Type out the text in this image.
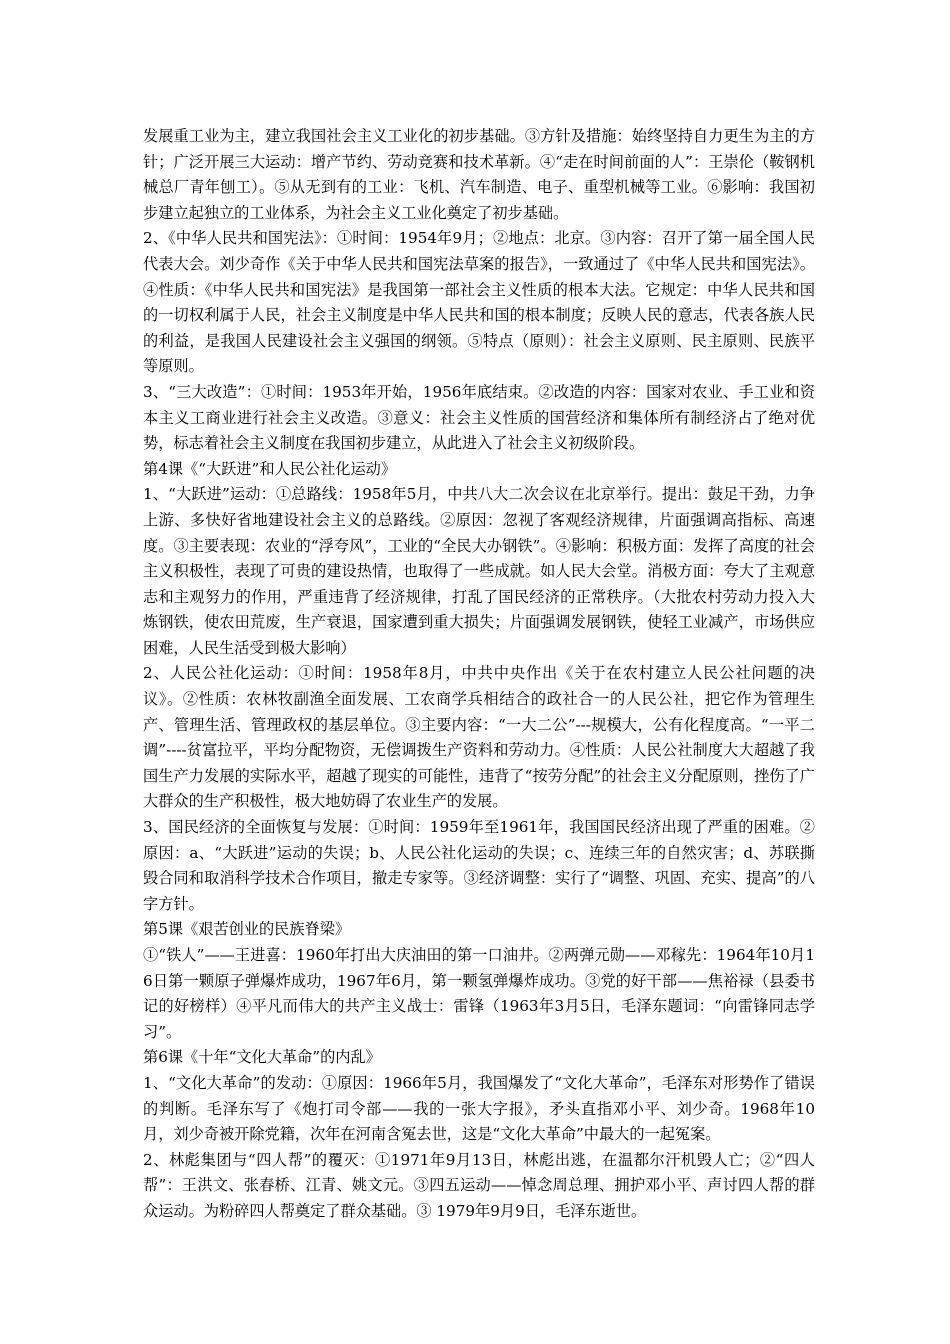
发展重工业为主，建立我国社会主义工业化的初步基础。③方针及措施：始终坚持自力更生为主的方针；广泛开展三大运动：增产节约、劳动竞赛和技术革新。④“走在时间前面的人”：王崇伦（鞍钢机械总厂青年刨工）。⑤从无到有的工业：飞机、汽车制造、电子、重型机械等工业。⑥影响：我国初步建立起独立的工业体系，为社会主义工业化奠定了初步基础。

2、《中华人民共和国宪法》：①时间：1954年9月；②地点：北京。③内容：召开了第一届全国人民代表大会。刘少奇作《关于中华人民共和国宪法草案的报告》，一致通过了《中华人民共和国宪法》。④性质：《中华人民共和国宪法》是我国第一部社会主义性质的根本大法。它规定：中华人民共和国的一切权利属于人民，社会主义制度是中华人民共和国的根本制度；反映人民的意志，代表各族人民的利益，是我国人民建设社会主义强国的纲领。⑤特点（原则）：社会主义原则、民主原则、民族平等原则。

3、“三大改造”：①时间：1953年开始，1956年底结束。②改造的内容：国家对农业、手工业和资本主义工商业进行社会主义改造。③意义：社会主义性质的国营经济和集体所有制经济占了绝对优势，标志着社会主义制度在我国初步建立，从此进入了社会主义初级阶段。

第4课《“大跃进”和人民公社化运动》

1、“大跃进”运动：①总路线：1958年5月，中共八大二次会议在北京举行。提出：鼓足干劲，力争上游、多快好省地建设社会主义的总路线。②原因：忽视了客观经济规律，片面强调高指标、高速度。③主要表现：农业的“浮夸风”，工业的“全民大办钢铁”。④影响：积极方面：发挥了高度的社会主义积极性，表现了可贵的建设热情，也取得了一些成就。如人民大会堂。消极方面：夸大了主观意志和主观努力的作用，严重违背了经济规律，打乱了国民经济的正常秩序。（大批农村劳动力投入大炼钢铁，使农田荒废，生产衰退，国家遭到重大损失；片面强调发展钢铁，使轻工业减产，市场供应困难，人民生活受到极大影响）

2、人民公社化运动：①时间：1958年8月，中共中央作出《关于在农村建立人民公社问题的决议》。②性质：农林牧副渔全面发展、工农商学兵相结合的政社合一的人民公社，把它作为管理生产、管理生活、管理政权的基层单位。③主要内容：“一大二公”---规模大，公有化程度高。“一平二调”----贫富拉平，平均分配物资，无偿调拨生产资料和劳动力。④性质：人民公社制度大大超越了我国生产力发展的实际水平，超越了现实的可能性，违背了“按劳分配”的社会主义分配原则，挫伤了广大群众的生产积极性，极大地妨碍了农业生产的发展。

3、国民经济的全面恢复与发展：①时间：1959年至1961年，我国国民经济出现了严重的困难。②原因：a、“大跃进”运动的失误；b、人民公社化运动的失误；c、连续三年的自然灾害；d、苏联撕毁合同和取消科学技术合作项目，撤走专家等。③经济调整：实行了“调整、巩固、充实、提高”的八字方针。

第5课《艰苦创业的民族脊梁》

①“铁人”——王进喜：1960年打出大庆油田的第一口油井。②两弹元勋——邓稼先：1964年10月16日第一颗原子弹爆炸成功，1967年6月，第一颗氢弹爆炸成功。③党的好干部——焦裕禄（县委书记的好榜样）④平凡而伟大的共产主义战士：雷锋（1963年3月5日，毛泽东题词：“向雷锋同志学习”。

第6课《十年“文化大革命”的内乱》

1、“文化大革命”的发动：①原因：1966年5月，我国爆发了“文化大革命”，毛泽东对形势作了错误的判断。毛泽东写了《炮打司令部——我的一张大字报》，矛头直指邓小平、刘少奇。1968年10月，刘少奇被开除党籍，次年在河南含冤去世，这是“文化大革命”中最大的一起冤案。

2、林彪集团与“四人帮”的覆灭：①1971年9月13日，林彪出逃，在温都尔汗机毁人亡；②“四人帮”：王洪文、张春桥、江青、姚文元。③四五运动——悼念周总理、拥护邓小平、声讨四人帮的群众运动。为粉碎四人帮奠定了群众基础。③ 1979年9月9日，毛泽东逝世。
